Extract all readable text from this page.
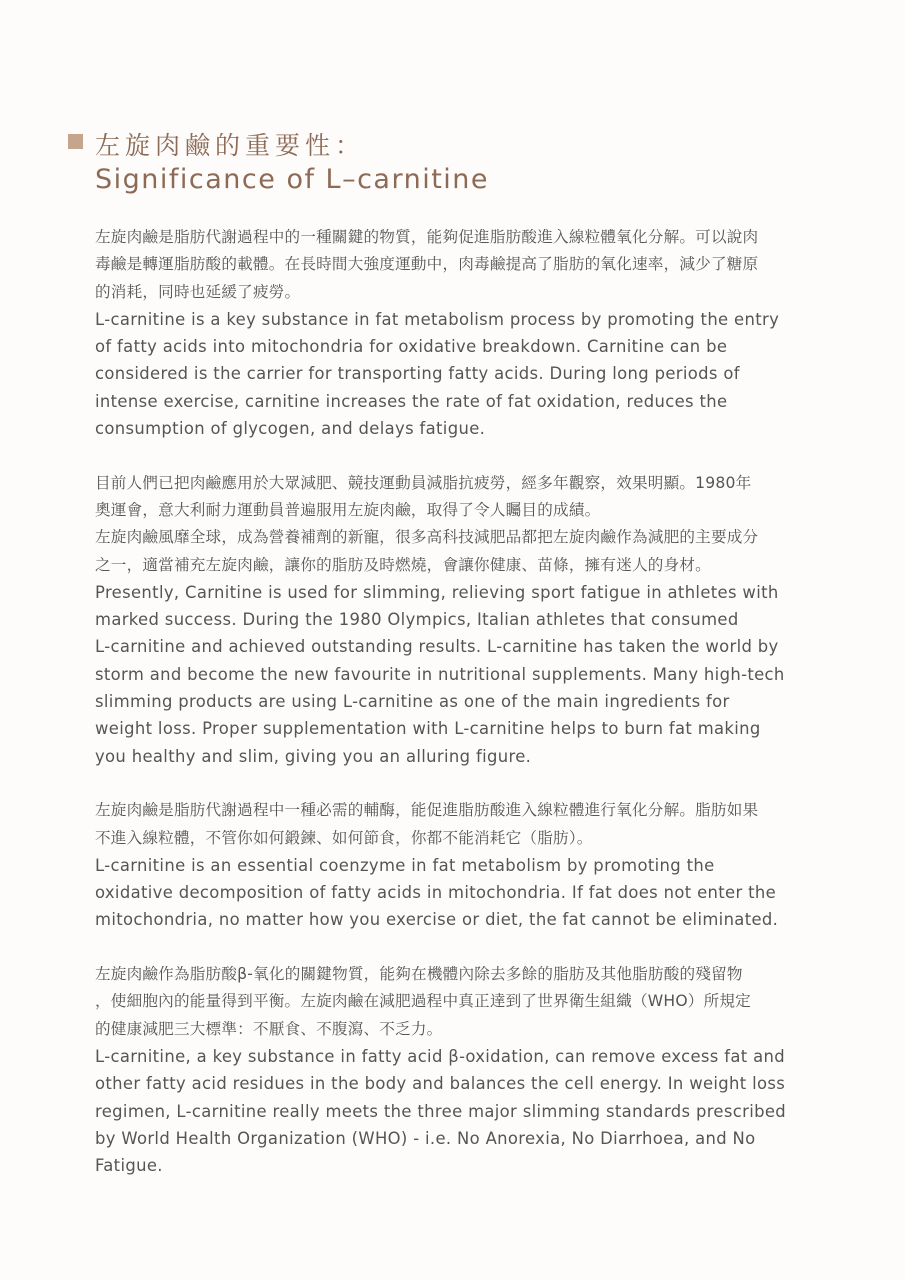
左旋肉鹼的重要性：
Significance of L–carnitine
左旋肉鹼是脂肪代謝過程中的一種關鍵的物質，能夠促進脂肪酸進入線粒體氧化分解。可以說肉
毒鹼是轉運脂肪酸的載體。在長時間大強度運動中，肉毒鹼提高了脂肪的氧化速率，減少了糖原
的消耗，同時也延緩了疲勞。
L-carnitine is a key substance in fat metabolism process by promoting the entry
of fatty acids into mitochondria for oxidative breakdown. Carnitine can be
considered is the carrier for transporting fatty acids. During long periods of
intense exercise, carnitine increases the rate of fat oxidation, reduces the
consumption of glycogen, and delays fatigue.
目前人們已把肉鹼應用於大眾減肥、競技運動員減脂抗疲勞，經多年觀察，效果明顯。1980年
奧運會，意大利耐力運動員普遍服用左旋肉鹼，取得了令人矚目的成績。
左旋肉鹼風靡全球，成為營養補劑的新寵，很多高科技減肥品都把左旋肉鹼作為減肥的主要成分
之一，適當補充左旋肉鹼，讓你的脂肪及時燃燒，會讓你健康、苗條，擁有迷人的身材。
Presently, Carnitine is used for slimming, relieving sport fatigue in athletes with
marked success. During the 1980 Olympics, Italian athletes that consumed
L-carnitine and achieved outstanding results. L-carnitine has taken the world by
storm and become the new favourite in nutritional supplements. Many high-tech
slimming products are using L-carnitine as one of the main ingredients for
weight loss. Proper supplementation with L-carnitine helps to burn fat making
you healthy and slim, giving you an alluring figure.
左旋肉鹼是脂肪代謝過程中一種必需的輔酶，能促進脂肪酸進入線粒體進行氧化分解。脂肪如果
不進入線粒體，不管你如何鍛鍊、如何節食，你都不能消耗它（脂肪）。
L-carnitine is an essential coenzyme in fat metabolism by promoting the
oxidative decomposition of fatty acids in mitochondria. If fat does not enter the
mitochondria, no matter how you exercise or diet, the fat cannot be eliminated.
左旋肉鹼作為脂肪酸β-氧化的關鍵物質，能夠在機體內除去多餘的脂肪及其他脂肪酸的殘留物
，使細胞內的能量得到平衡。左旋肉鹼在減肥過程中真正達到了世界衛生組織（WHO）所規定
的健康減肥三大標準：不厭食、不腹瀉、不乏力。
L-carnitine, a key substance in fatty acid β-oxidation, can remove excess fat and
other fatty acid residues in the body and balances the cell energy. In weight loss
regimen, L-carnitine really meets the three major slimming standards prescribed
by World Health Organization (WHO) - i.e. No Anorexia, No Diarrhoea, and No
Fatigue.
